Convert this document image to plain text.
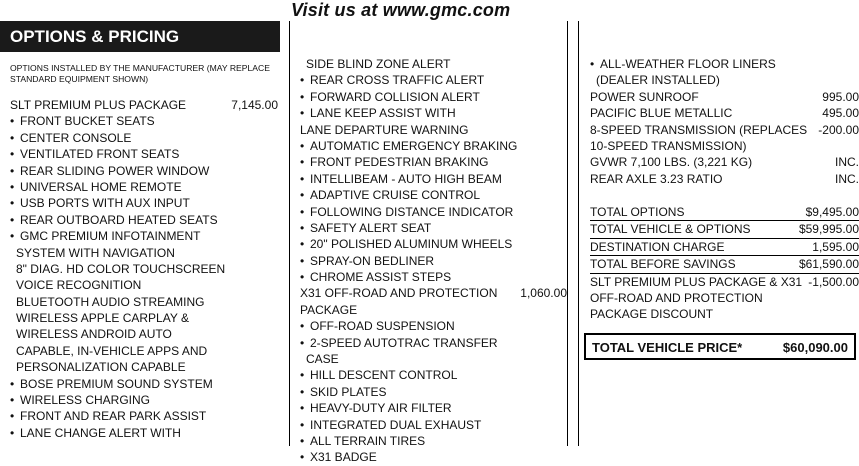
Visit us at www.gmc.com
OPTIONS & PRICING
OPTIONS INSTALLED BY THE MANUFACTURER (MAY REPLACE STANDARD EQUIPMENT SHOWN)
SLT PREMIUM PLUS PACKAGE	7,145.00
• FRONT BUCKET SEATS
• CENTER CONSOLE
• VENTILATED FRONT SEATS
• REAR SLIDING POWER WINDOW
• UNIVERSAL HOME REMOTE
• USB PORTS WITH AUX INPUT
• REAR OUTBOARD HEATED SEATS
• GMC PREMIUM INFOTAINMENT
SYSTEM WITH NAVIGATION
8" DIAG. HD COLOR TOUCHSCREEN
VOICE RECOGNITION
BLUETOOTH AUDIO STREAMING
WIRELESS APPLE CARPLAY &
WIRELESS ANDROID AUTO
CAPABLE, IN-VEHICLE APPS AND
PERSONALIZATION CAPABLE
• BOSE PREMIUM SOUND SYSTEM
• WIRELESS CHARGING
• FRONT AND REAR PARK ASSIST
• LANE CHANGE ALERT WITH
SIDE BLIND ZONE ALERT
• REAR CROSS TRAFFIC ALERT
• FORWARD COLLISION ALERT
• LANE KEEP ASSIST WITH
LANE DEPARTURE WARNING
• AUTOMATIC EMERGENCY BRAKING
• FRONT PEDESTRIAN BRAKING
• INTELLIBEAM - AUTO HIGH BEAM
• ADAPTIVE CRUISE CONTROL
• FOLLOWING DISTANCE INDICATOR
• SAFETY ALERT SEAT
• 20" POLISHED ALUMINUM WHEELS
• SPRAY-ON BEDLINER
• CHROME ASSIST STEPS
X31 OFF-ROAD AND PROTECTION 1,060.00
PACKAGE
• OFF-ROAD SUSPENSION
• 2-SPEED AUTOTRAC TRANSFER
CASE
• HILL DESCENT CONTROL
• SKID PLATES
• HEAVY-DUTY AIR FILTER
• INTEGRATED DUAL EXHAUST
• ALL TERRAIN TIRES
• X31 BADGE
• ALL-WEATHER FLOOR LINERS
(DEALER INSTALLED)
POWER SUNROOF	995.00
PACIFIC BLUE METALLIC	495.00
8-SPEED TRANSMISSION (REPLACES -200.00
10-SPEED TRANSMISSION)
GVWR 7,100 LBS. (3,221 KG)	INC.
REAR AXLE 3.23 RATIO	INC.
TOTAL OPTIONS	$9,495.00
TOTAL VEHICLE & OPTIONS	$59,995.00
DESTINATION CHARGE	1,595.00
TOTAL BEFORE SAVINGS	$61,590.00
SLT PREMIUM PLUS PACKAGE & X31 -1,500.00
OFF-ROAD AND PROTECTION
PACKAGE DISCOUNT
TOTAL VEHICLE PRICE*	$60,090.00
